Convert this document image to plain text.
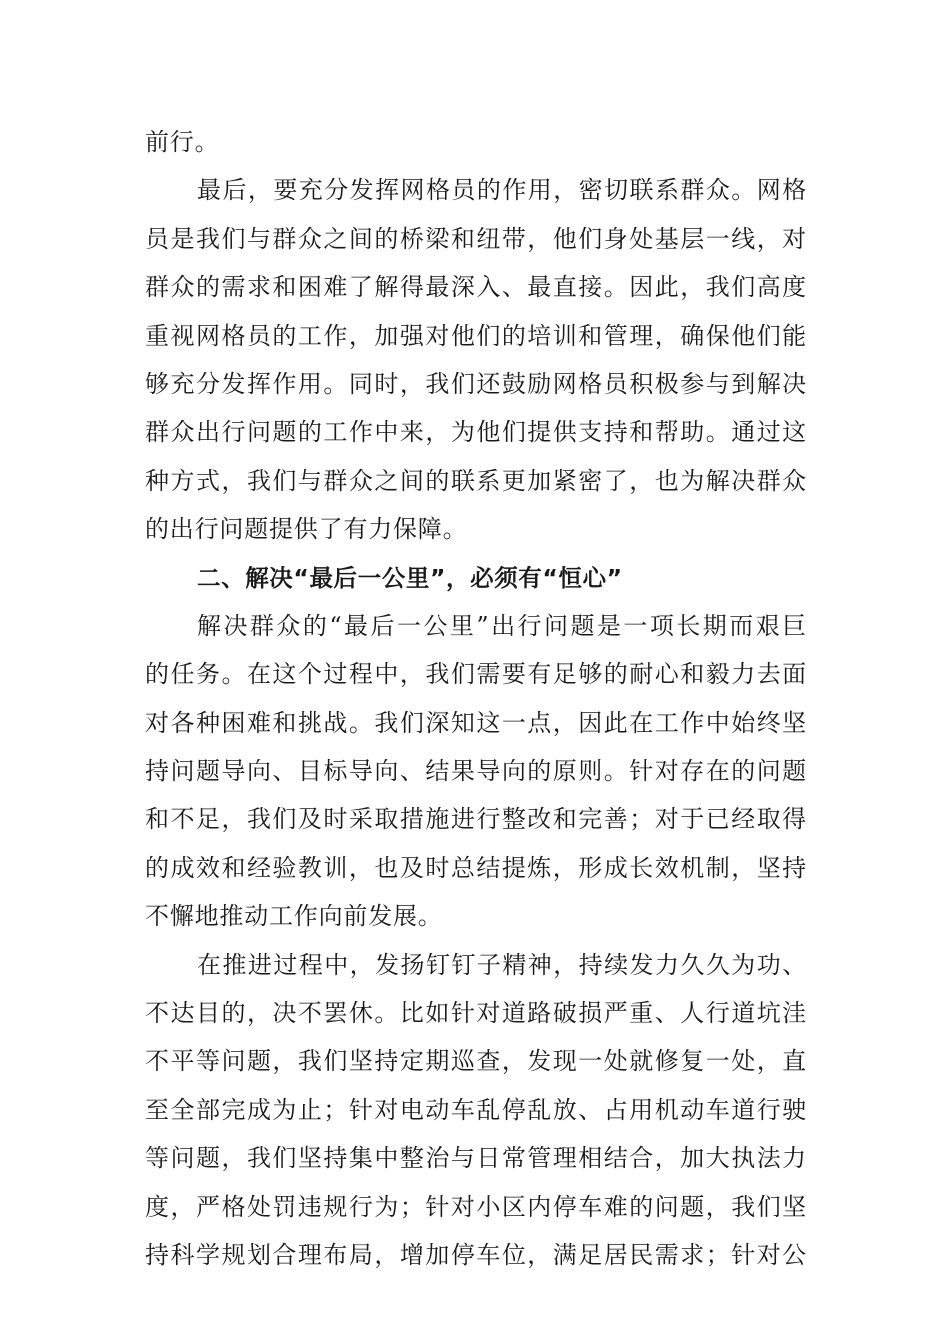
前行。
最后，要充分发挥网格员的作用，密切联系群众。网格
员是我们与群众之间的桥梁和纽带，他们身处基层一线，对
群众的需求和困难了解得最深入、最直接。因此，我们高度
重视网格员的工作，加强对他们的培训和管理，确保他们能
够充分发挥作用。同时，我们还鼓励网格员积极参与到解决
群众出行问题的工作中来，为他们提供支持和帮助。通过这
种方式，我们与群众之间的联系更加紧密了，也为解决群众
的出行问题提供了有力保障。
二、解决“最后一公里”，必须有“恒心”
解决群众的“最后一公里”出行问题是一项长期而艰巨
的任务。在这个过程中，我们需要有足够的耐心和毅力去面
对各种困难和挑战。我们深知这一点，因此在工作中始终坚
持问题导向、目标导向、结果导向的原则。针对存在的问题
和不足，我们及时采取措施进行整改和完善；对于已经取得
的成效和经验教训，也及时总结提炼，形成长效机制，坚持
不懈地推动工作向前发展。
在推进过程中，发扬钉钉子精神，持续发力久久为功、
不达目的，决不罢休。比如针对道路破损严重、人行道坑洼
不平等问题，我们坚持定期巡查，发现一处就修复一处，直
至全部完成为止；针对电动车乱停乱放、占用机动车道行驶
等问题，我们坚持集中整治与日常管理相结合，加大执法力
度，严格处罚违规行为；针对小区内停车难的问题，我们坚
持科学规划合理布局，增加停车位，满足居民需求；针对公
